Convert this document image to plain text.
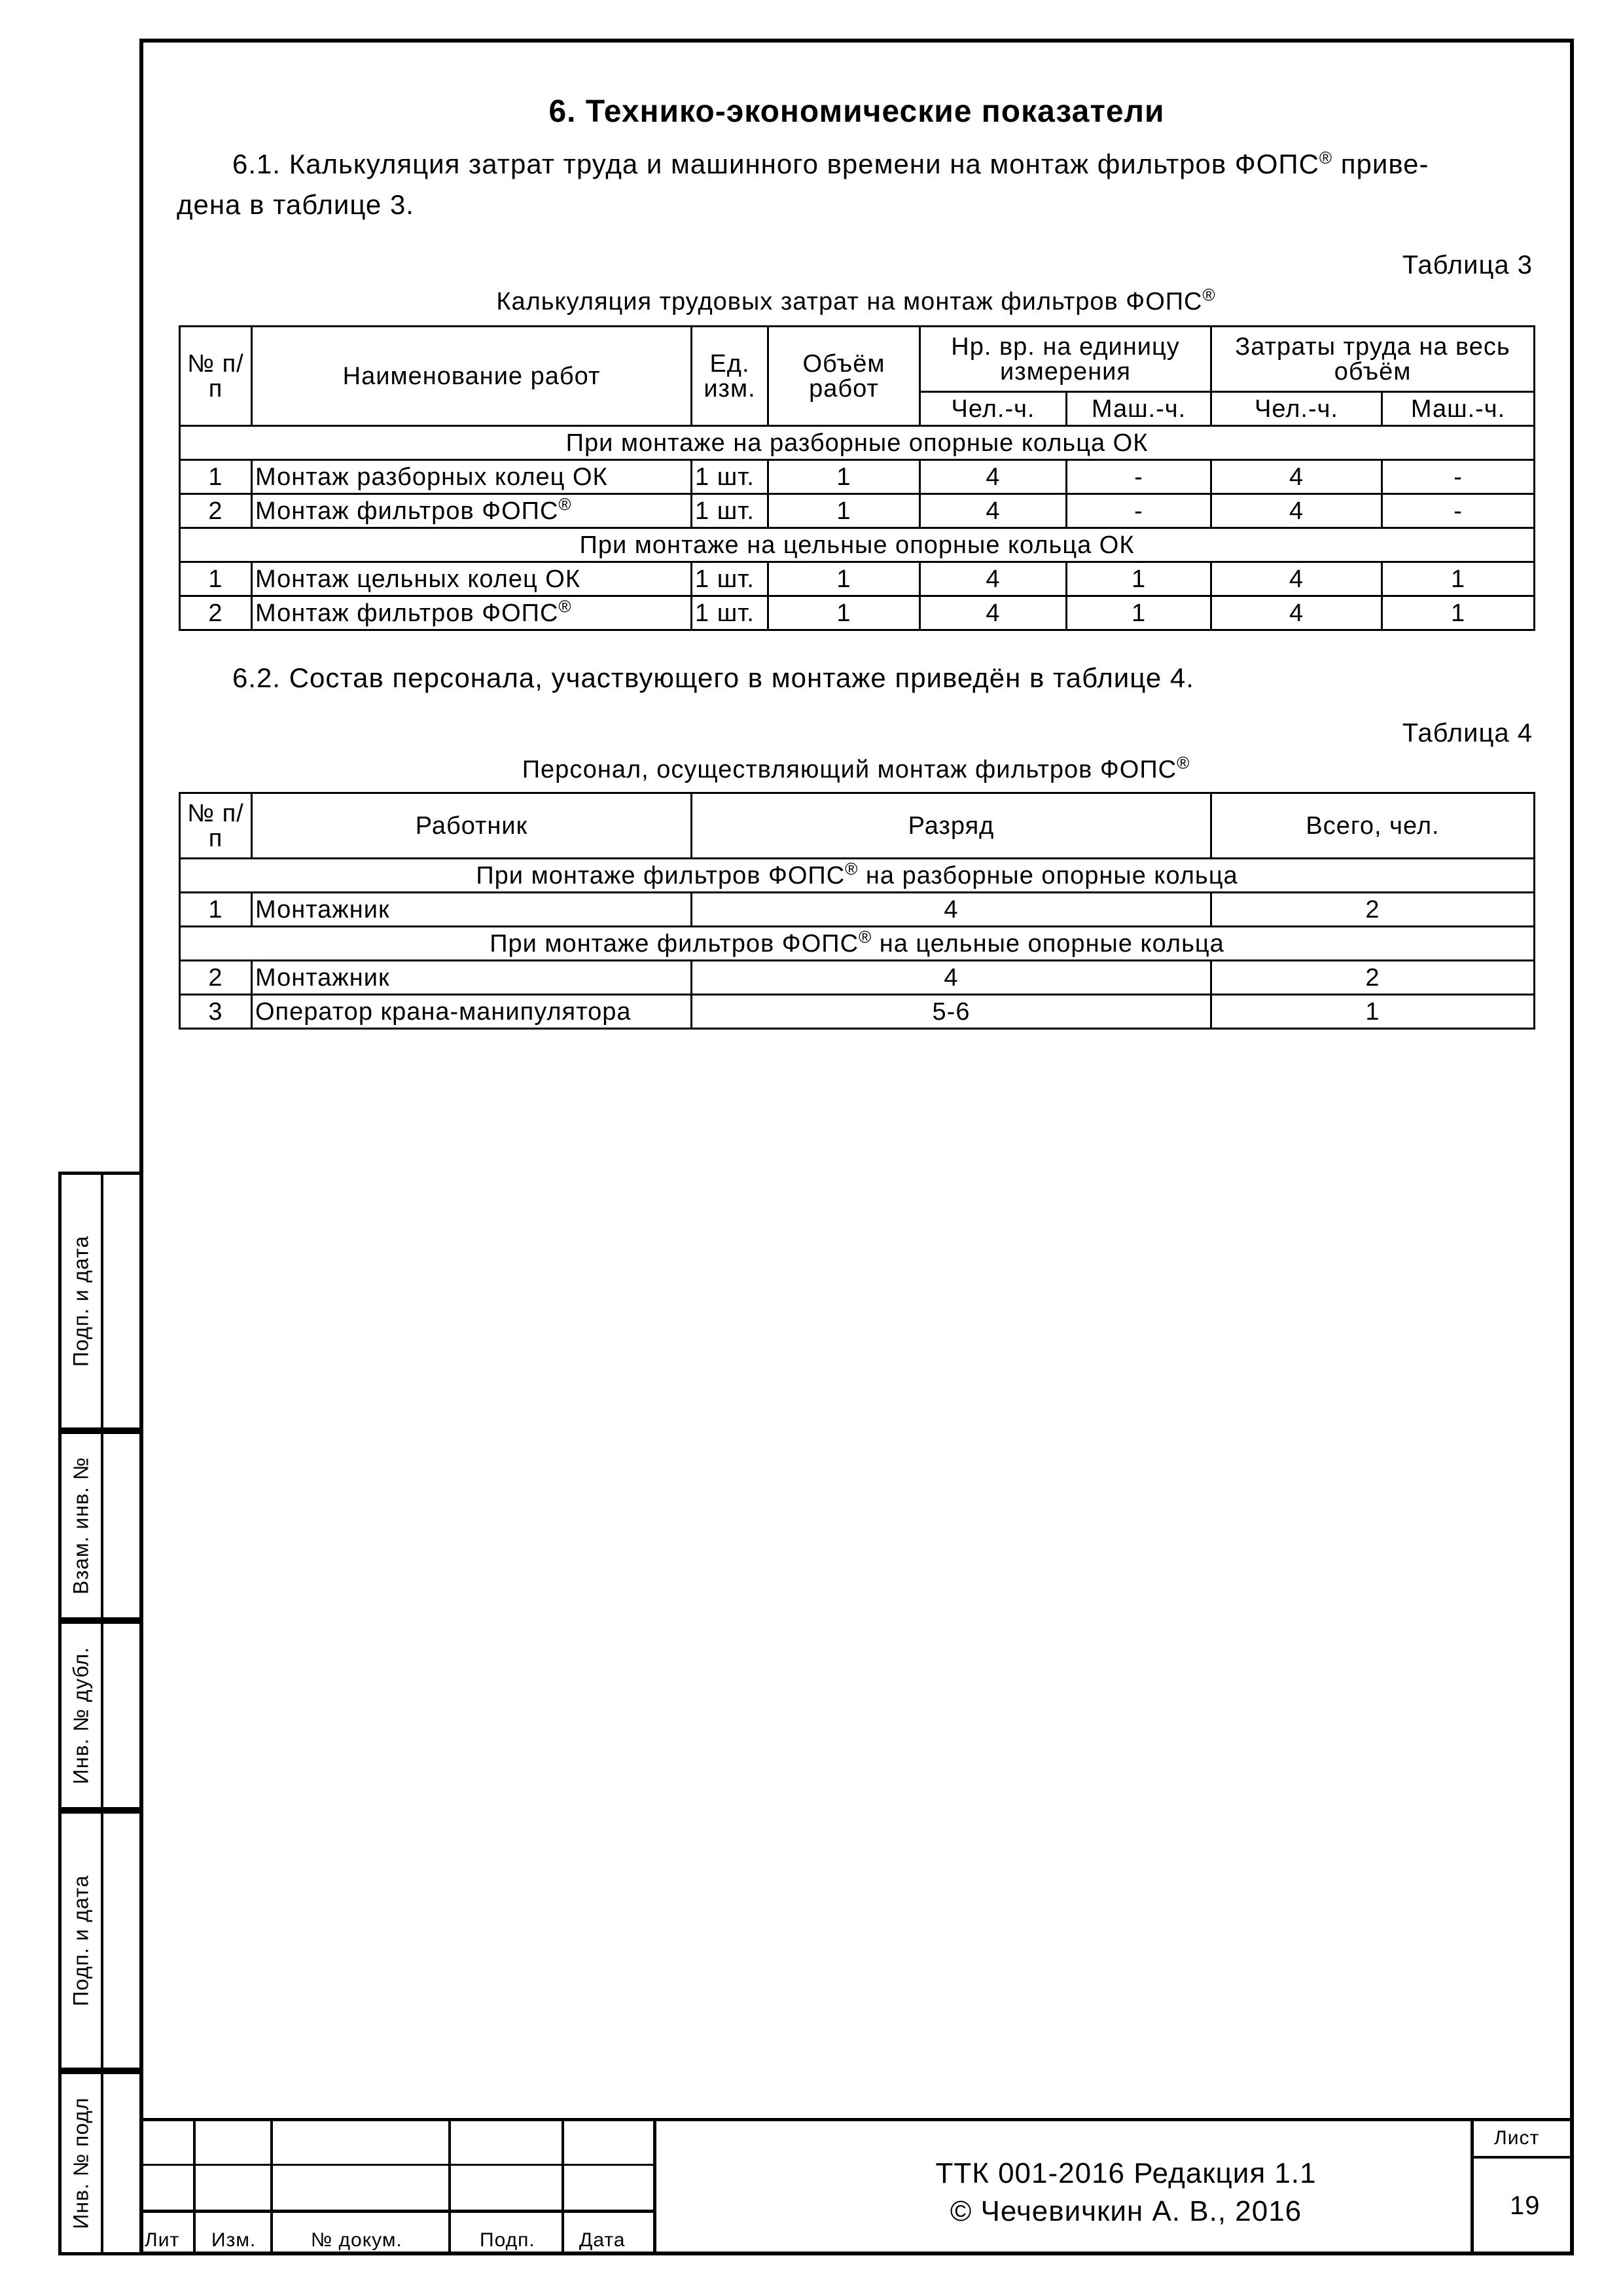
6. Технико-экономические показатели
6.1. Калькуляция затрат труда и машинного времени на монтаж фильтров ФОПС® приве-
дена в таблице 3.
Таблица 3
Калькуляция трудовых затрат на монтаж фильтров ФОПС®
№ п/п	Наименование работ	Ед. изм.	Объём работ	Нр. вр. на единицу измерения		Затраты труда на весь объём	
				Чел.-ч.	Маш.-ч.	Чел.-ч.	Маш.-ч.
При монтаже на разборные опорные кольца ОК							
1	Монтаж разборных колец ОК	1 шт.	1	4	-	4	-
2	Монтаж фильтров ФОПС®	1 шт.	1	4	-	4	-
При монтаже на цельные опорные кольца ОК							
1	Монтаж цельных колец ОК	1 шт.	1	4	1	4	1
2	Монтаж фильтров ФОПС®	1 шт.	1	4	1	4	1
6.2. Состав персонала, участвующего в монтаже приведён в таблице 4.
Таблица 4
Персонал, осуществляющий монтаж фильтров ФОПС®
№ п/п	Работник	Разряд	Всего, чел.
При монтаже фильтров ФОПС® на разборные опорные кольца			
1	Монтажник	4	2
При монтаже фильтров ФОПС® на цельные опорные кольца			
2	Монтажник	4	2
3	Оператор крана-манипулятора	5-6	1
Подп. и дата
Взам. инв. №
Инв. № дубл.
Подп. и дата
Инв. № подл
Лит Изм.	№ докум.	Подп. Дата
ТТК 001-2016 Редакция 1.1
© Чечевичкин А. В., 2016
Лист
19
